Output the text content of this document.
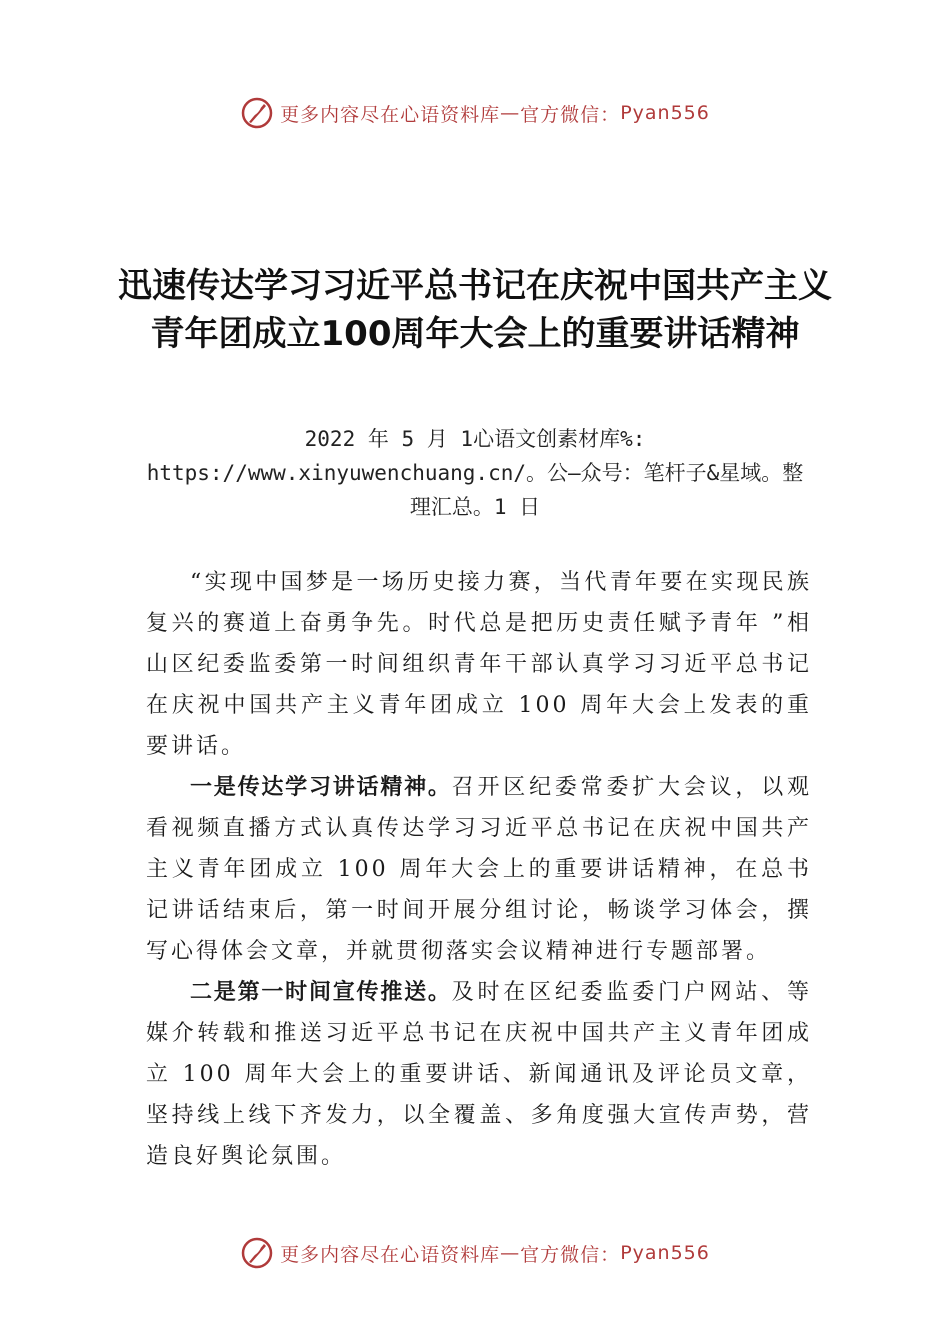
更多内容尽在心语资料库 — 官方微信： Pyan556
迅速传达学习习近平总书记在庆祝中国共产主义青年团成立100周年大会上的重要讲话精神
2022 年 5 月 1心语文创素材库%: https://www.xinyuwenchuang.cn/。公—众号：笔杆子&星域。整理汇总。1 日

“实现中国梦是一场历史接力赛，当代青年要在实现民族复兴的赛道上奋勇争先。时代总是把历史责任赋予青年 ”相山区纪委监委第一时间组织青年干部认真学习习近平总书记在庆祝中国共产主义青年团成立 100 周年大会上发表的重要讲话。

一是传达学习讲话精神。召开区纪委常委扩大会议，以观看视频直播方式认真传达学习习近平总书记在庆祝中国共产主义青年团成立 100 周年大会上的重要讲话精神，在总书记讲话结束后，第一时间开展分组讨论，畅谈学习体会，撰写心得体会文章，并就贯彻落实会议精神进行专题部署。

二是第一时间宣传推送。及时在区纪委监委门户网站、等媒介转载和推送习近平总书记在庆祝中国共产主义青年团成立 100 周年大会上的重要讲话、新闻通讯及评论员文章，坚持线上线下齐发力，以全覆盖、多角度强大宣传声势，营造良好舆论氛围。

更多内容尽在心语资料库 — 官方微信： Pyan556
